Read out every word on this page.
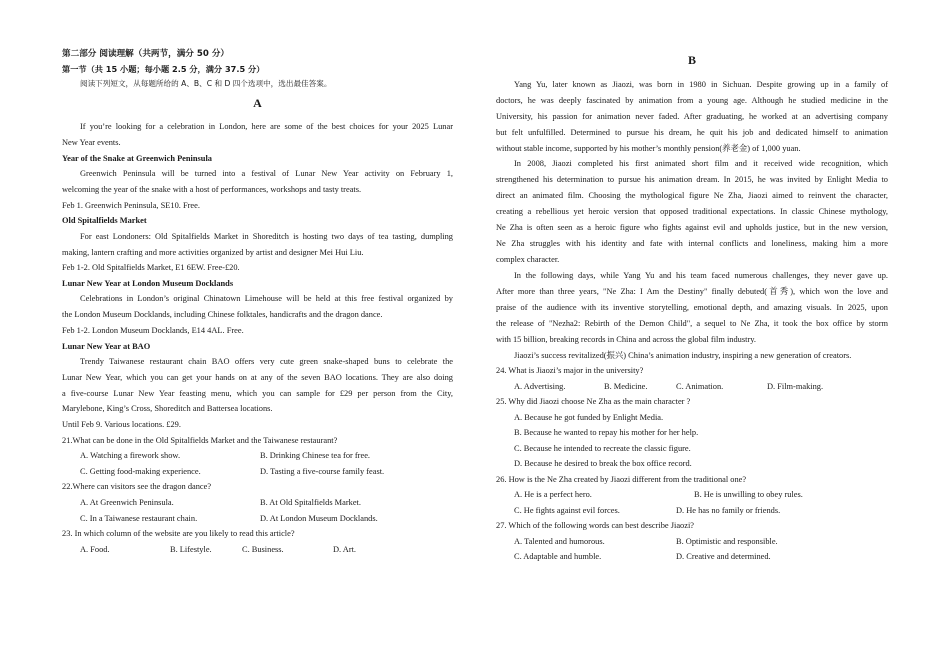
第二部分 阅读理解（共两节，满分 50 分）
第一节（共 15 小题；每小题 2.5 分，满分 37.5 分）
阅读下列短文，从每题所给的 A、B、C 和 D 四个选项中，选出最佳答案。
A
If you’re looking for a celebration in London, here are some of the best choices for your 2025 Lunar
New Year events.
Year of the Snake at Greenwich Peninsula
Greenwich Peninsula will be turned into a festival of Lunar New Year activity on February 1,
welcoming the year of the snake with a host of performances, workshops and tasty treats.
Feb 1. Greenwich Peninsula, SE10. Free.
Old Spitalfields Market
For east Londoners: Old Spitalfields Market in Shoreditch is hosting two days of tea tasting, dumpling
making, lantern crafting and more activities organized by artist and designer Mei Hui Liu.
Feb 1-2. Old Spitalfields Market, E1 6EW. Free-£20.
Lunar New Year at London Museum Docklands
Celebrations in London’s original Chinatown Limehouse will be held at this free festival organized by
the London Museum Docklands, including Chinese folktales, handicrafts and the dragon dance.
Feb 1-2. London Museum Docklands, E14 4AL. Free.
Lunar New Year at BAO
Trendy Taiwanese restaurant chain BAO offers very cute green snake-shaped buns to celebrate the
Lunar New Year, which you can get your hands on at any of the seven BAO locations. They are also doing
a five-course Lunar New Year feasting menu, which you can sample for £29 per person from the City,
Marylebone, King’s Cross, Shoreditch and Battersea locations.
Until Feb 9. Various locations. £29.
21.What can be done in the Old Spitalfields Market and the Taiwanese restaurant?
A. Watching a firework show.	B. Drinking Chinese tea for free.
C. Getting food-making experience.	D. Tasting a five-course family feast.
22.Where can visitors see the dragon dance?
A. At Greenwich Peninsula.	B. At Old Spitalfields Market.
C. In a Taiwanese restaurant chain.	D. At London Museum Docklands.
23. In which column of the website are you likely to read this article?
A. Food.	B. Lifestyle.	C. Business.	D. Art.
B
Yang Yu, later known as Jiaozi, was born in 1980 in Sichuan. Despite growing up in a family of
doctors, he was deeply fascinated by animation from a young age. Although he studied medicine in the
University, his passion for animation never faded. After graduating, he worked at an advertising company
but felt unfulfilled. Determined to pursue his dream, he quit his job and dedicated himself to animation
without stable income, supported by his mother’s monthly pension(养老金) of 1,000 yuan.
In 2008, Jiaozi completed his first animated short film and it received wide recognition, which
strengthened his determination to pursue his animation dream. In 2015, he was invited by Enlight Media to
direct an animated film. Choosing the mythological figure Ne Zha, Jiaozi aimed to reinvent the character,
creating a rebellious yet heroic version that opposed traditional expectations. In classic Chinese mythology,
Ne Zha is often seen as a heroic figure who fights against evil and upholds justice, but in the new version,
Ne Zha struggles with his identity and fate with internal conflicts and loneliness, making him a more
complex character.
In the following days, while Yang Yu and his team faced numerous challenges, they never gave up.
After more than three years, "Ne Zha: I Am the Destiny" finally debuted(首秀), which won the love and
praise of the audience with its inventive storytelling, emotional depth, and amazing visuals. In 2025, upon
the release of "Nezha2: Rebirth of the Demon Child", a sequel to Ne Zha, it took the box office by storm
with 15 billion, breaking records in China and across the global film industry.
Jiaozi’s success revitalized(振兴) China’s animation industry, inspiring a new generation of creators.
24. What is Jiaozi’s major in the university?
A. Advertising.	B. Medicine.	C. Animation.	D. Film-making.
25. Why did Jiaozi choose Ne Zha as the main character ?
A. Because he got funded by Enlight Media.
B. Because he wanted to repay his mother for her help.
C. Because he intended to recreate the classic figure.
D. Because he desired to break the box office record.
26. How is the Ne Zha created by Jiaozi different from the traditional one?
A. He is a perfect hero.	B. He is unwilling to obey rules.
C. He fights against evil forces.	D. He has no family or friends.
27. Which of the following words can best describe Jiaozi?
A. Talented and humorous.	B. Optimistic and responsible.
C. Adaptable and humble.	D. Creative and determined.
